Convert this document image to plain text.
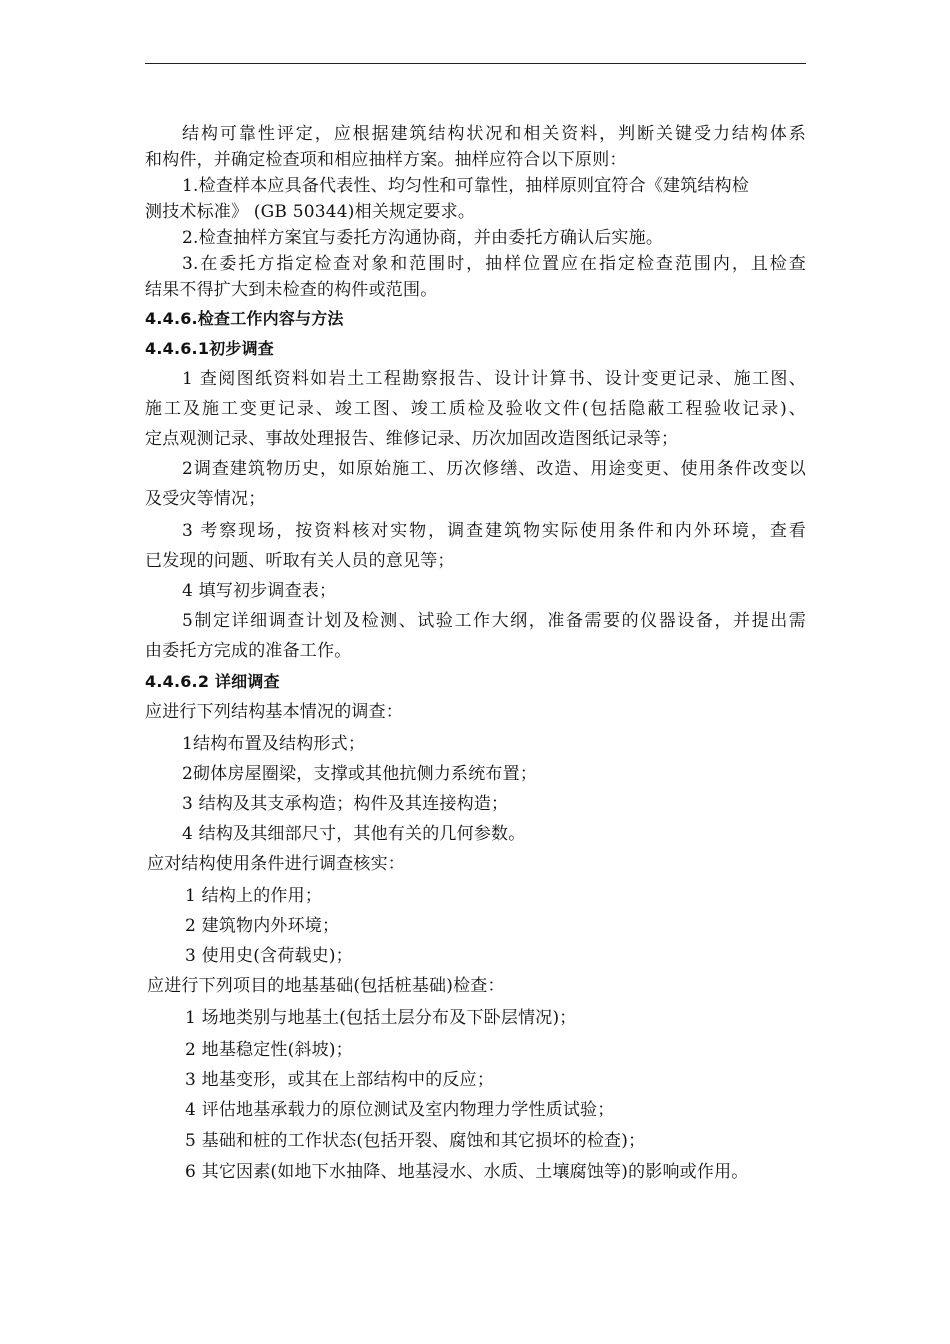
结构可靠性评定，应根据建筑结构状况和相关资料，判断关键受力结构体系
和构件，并确定检查项和相应抽样方案。抽样应符合以下原则：
1.检查样本应具备代表性、均匀性和可靠性，抽样原则宜符合《建筑结构检
测技术标准》 (GB 50344)相关规定要求。
2.检查抽样方案宜与委托方沟通协商，并由委托方确认后实施。
3.在委托方指定检查对象和范围时，抽样位置应在指定检查范围内，且检查
结果不得扩大到未检查的构件或范围。
4.4.6.检查工作内容与方法
4.4.6.1初步调查
1 查阅图纸资料如岩土工程勘察报告、设计计算书、设计变更记录、施工图、
施工及施工变更记录、竣工图、竣工质检及验收文件(包括隐蔽工程验收记录)、
定点观测记录、事故处理报告、维修记录、历次加固改造图纸记录等；
2调查建筑物历史，如原始施工、历次修缮、改造、用途变更、使用条件改变以
及受灾等情况；
3 考察现场，按资料核对实物，调查建筑物实际使用条件和内外环境，查看
已发现的问题、听取有关人员的意见等；
4 填写初步调查表；
5制定详细调查计划及检测、试验工作大纲，准备需要的仪器设备，并提出需
由委托方完成的准备工作。
4.4.6.2 详细调查
应进行下列结构基本情况的调查：
1结构布置及结构形式；
2砌体房屋圈梁，支撑或其他抗侧力系统布置；
3 结构及其支承构造；构件及其连接构造；
4 结构及其细部尺寸，其他有关的几何参数。
应对结构使用条件进行调查核实：
1 结构上的作用；
2 建筑物内外环境；
3 使用史(含荷载史)；
应进行下列项目的地基基础(包括桩基础)检查：
1 场地类别与地基土(包括土层分布及下卧层情况)；
2 地基稳定性(斜坡)；
3 地基变形，或其在上部结构中的反应；
4 评估地基承载力的原位测试及室内物理力学性质试验；
5 基础和桩的工作状态(包括开裂、腐蚀和其它损坏的检查)；
6 其它因素(如地下水抽降、地基浸水、水质、土壤腐蚀等)的影响或作用。
